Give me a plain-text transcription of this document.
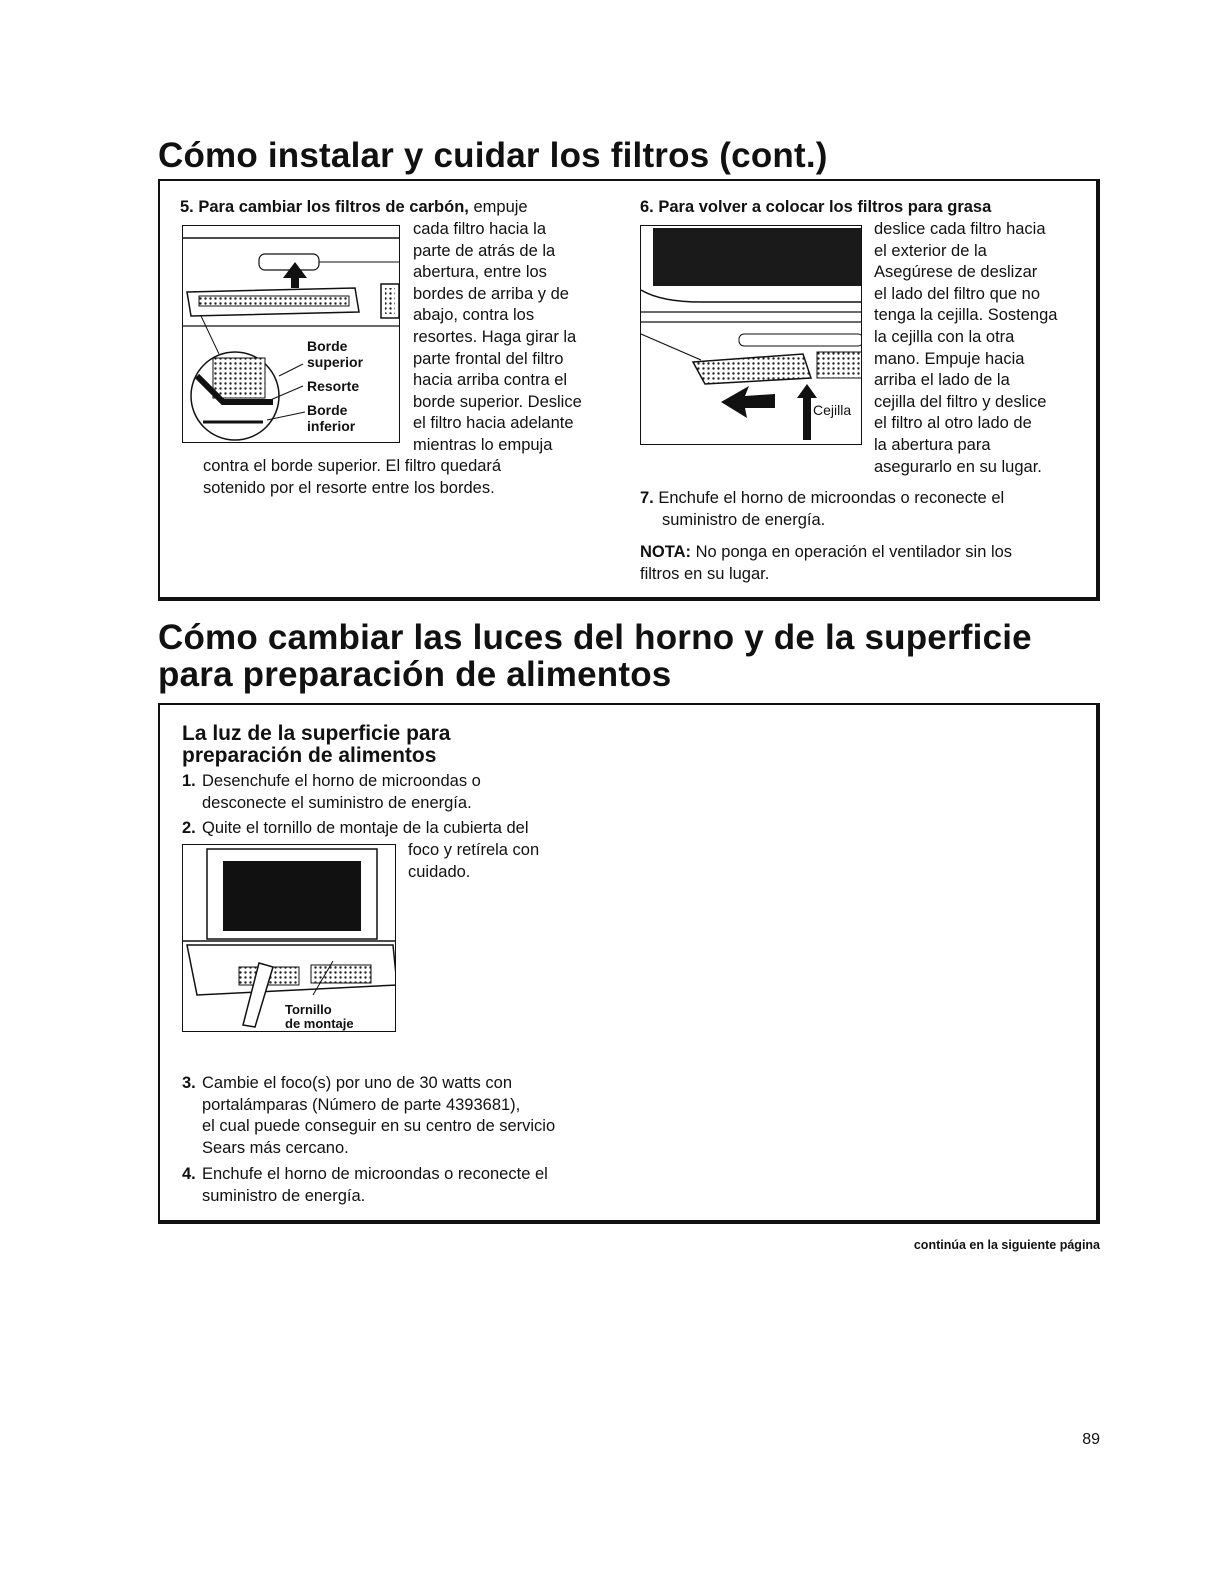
Cómo instalar y cuidar los filtros (cont.)
5. Para cambiar los filtros de carbón, empuje
Borde
superior
Resorte
Borde
inferior
cada filtro hacia la
parte de atrás de la
abertura, entre los
bordes de arriba y de
abajo, contra los
resortes. Haga girar la
parte frontal del filtro
hacia arriba contra el
borde superior. Deslice
el filtro hacia adelante
mientras lo empuja
contra el borde superior. El filtro quedará
sotenido por el resorte entre los bordes.
6. Para volver a colocar los filtros para grasa
Cejilla
deslice cada filtro hacia
el exterior de la
Asegúrese de deslizar
el lado del filtro que no
tenga la cejilla. Sostenga
la cejilla con la otra
mano. Empuje hacia
arriba el lado de la
cejilla del filtro y deslice
el filtro al otro lado de
la abertura para
asegurarlo en su lugar.
7. Enchufe el horno de microondas o reconecte el
suministro de energía.
NOTA: No ponga en operación el ventilador sin los
filtros en su lugar.
Cómo cambiar las luces del horno y de la superficie
para preparación de alimentos
La luz de la superficie para
preparación de alimentos
1. Desenchufe el horno de microondas o
desconecte el suministro de energía.
2. Quite el tornillo de montaje de la cubierta del
Tornillo
de montaje
foco y retírela con
cuidado.
3. Cambie el foco(s) por uno de 30 watts con
portalámparas (Número de parte 4393681),
el cual puede conseguir en su centro de servicio
Sears más cercano.
4. Enchufe el horno de microondas o reconecte el
suministro de energía.
continúa en la siguiente página
89
